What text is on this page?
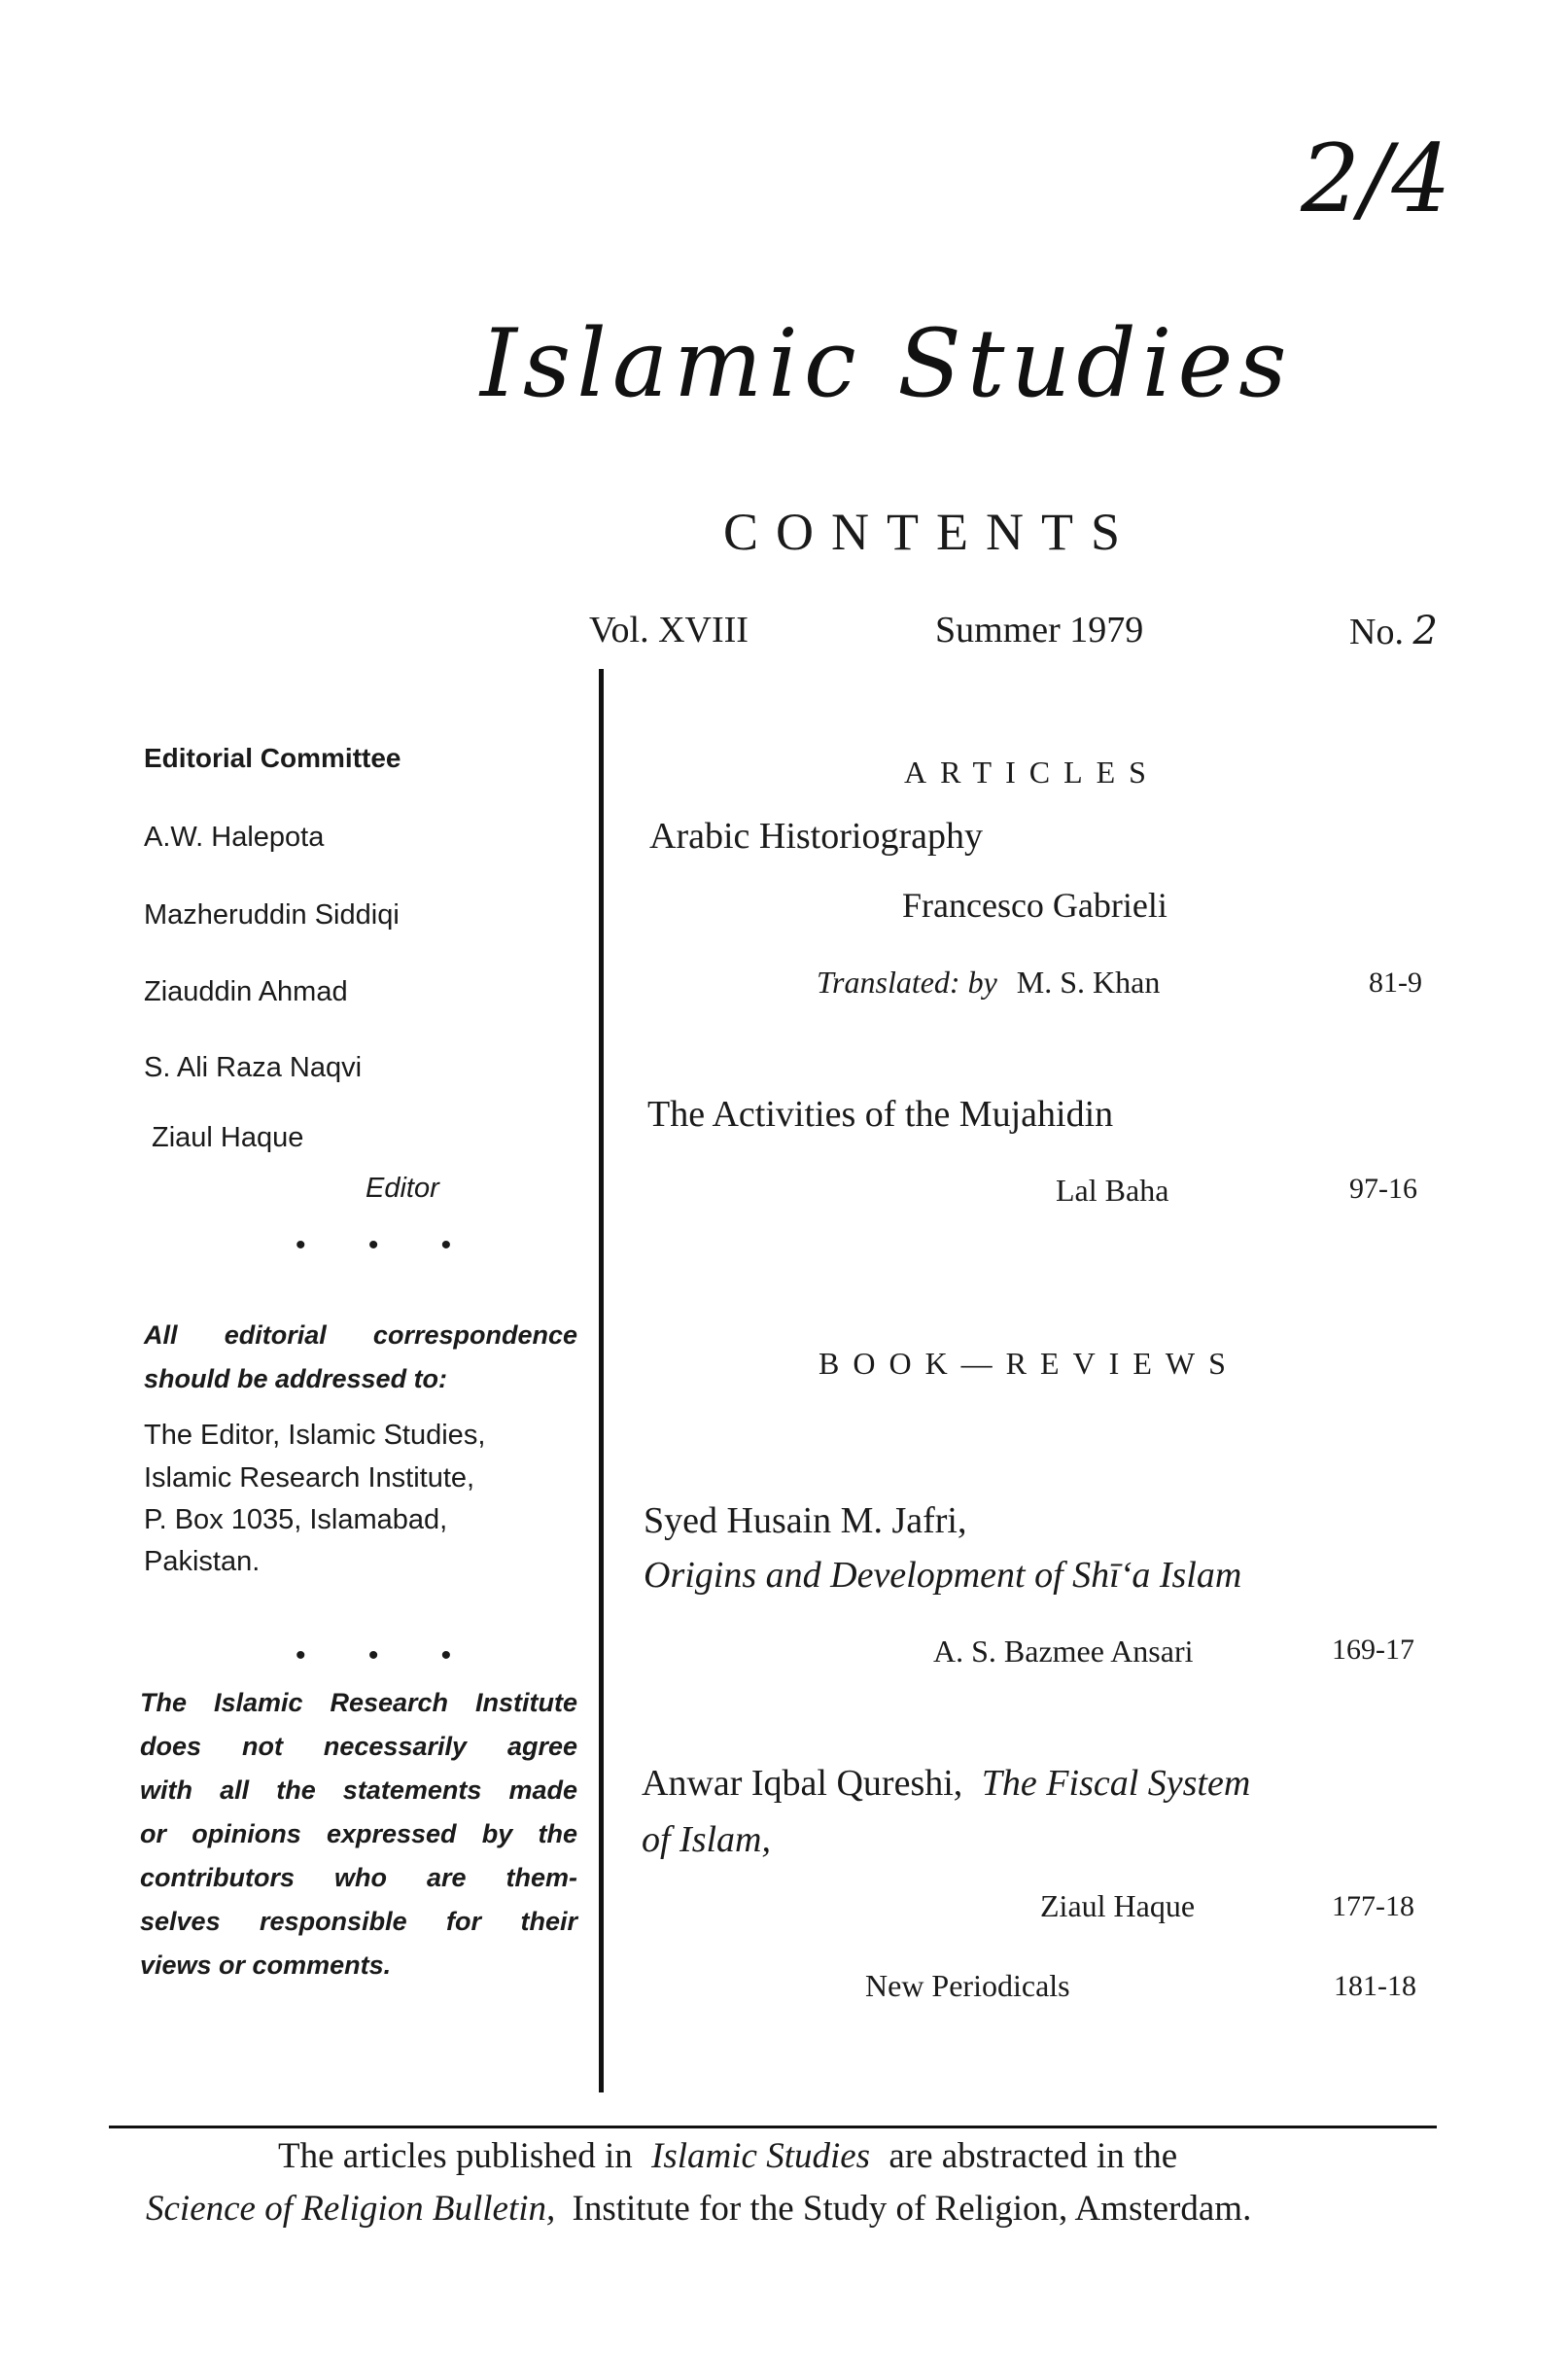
2/4
Islamic Studies
CONTENTS
Vol. XVIII	Summer 1979	No. 2
Editorial Committee
A.W. Halepota
Mazheruddin Siddiqi
Ziauddin Ahmad
S. Ali Raza Naqvi
Ziaul Haque
Editor
• • •
All editorial correspondence
should be addressed to:
The Editor, Islamic Studies,
Islamic Research Institute,
P. Box 1035, Islamabad,
Pakistan.
• • •
The Islamic Research Institute
does not necessarily agree
with all the statements made
or opinions expressed by the
contributors who are them-
selves responsible for their
views or comments.
ARTICLES
Arabic Historiography
Francesco Gabrieli
Translated: by M. S. Khan	81-9
The Activities of the Mujahidin
Lal Baha	97-16
BOOK—REVIEWS
Syed Husain M. Jafri,
Origins and Development of Shīʻa Islam
A. S. Bazmee Ansari	169-17
Anwar Iqbal Qureshi, The Fiscal System
of Islam,
Ziaul Haque	177-18
New Periodicals	181-18
The articles published in Islamic Studies are abstracted in the
Science of Religion Bulletin, Institute for the Study of Religion, Amsterdam.
